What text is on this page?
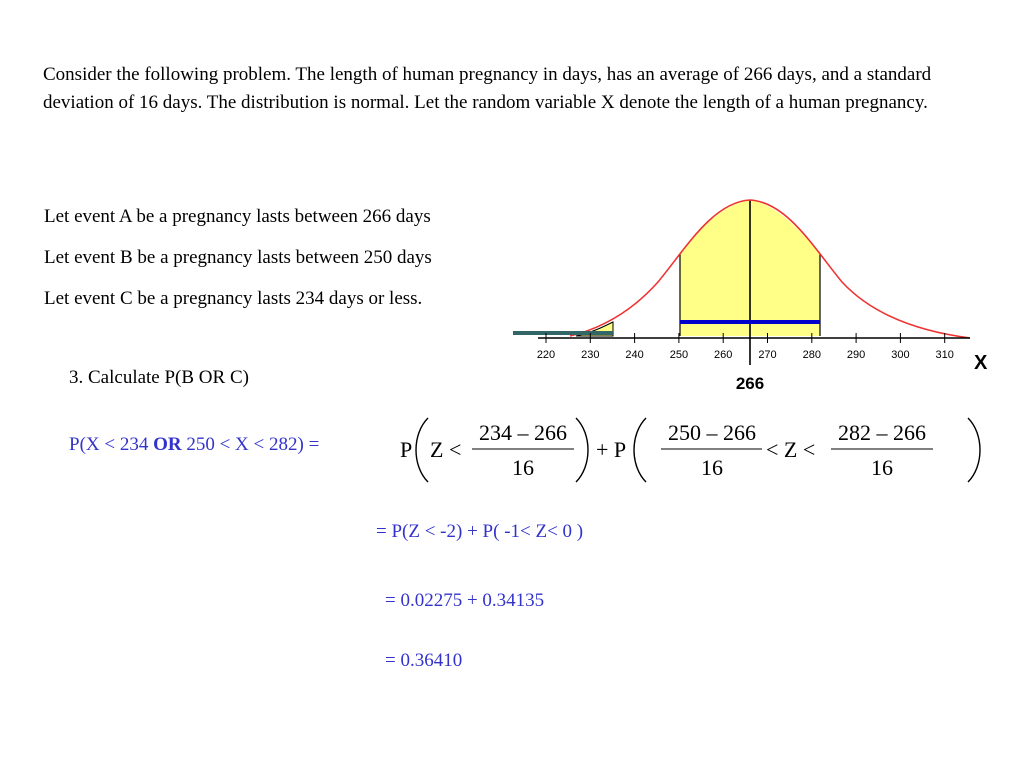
Consider the following problem. The length of human pregnancy in days, has an average of 266 days, and a standard deviation of 16 days. The distribution is normal. Let the random variable X denote the length of a human pregnancy.
Let event A be a pregnancy lasts between 266 days
Let event B be a pregnancy lasts between 250 days
Let event C be a pregnancy lasts 234 days or less.
220 230 240 250 260 270 280 290 300 310 X
266
3. Calculate P(B OR C)
P(X < 234 OR 250 < X < 282) =	P Z <
234 – 266
16
+ P
250 – 266
16
< Z <
282 – 266
16
= P(Z < -2) + P( -1< Z< 0 )
= 0.02275 + 0.34135
= 0.36410
